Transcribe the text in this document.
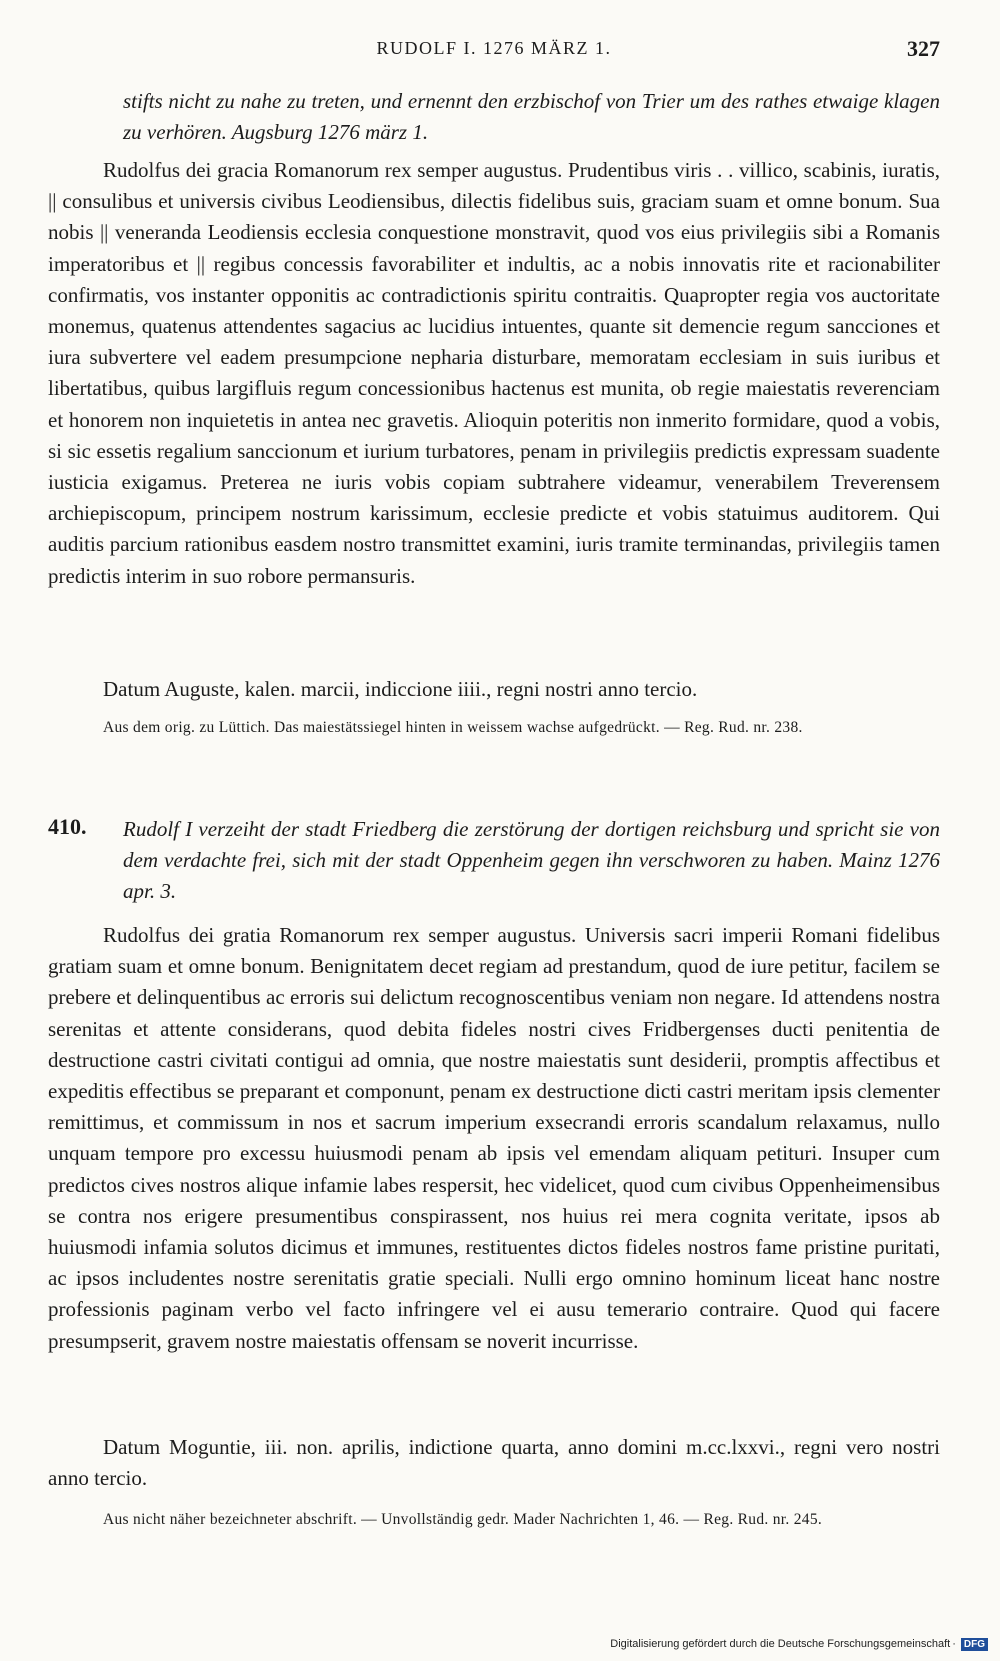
RUDOLF I. 1276 MÄRZ 1.	327

stifts nicht zu nahe zu treten, und ernennt den erzbischof von Trier um des rathes etwaige klagen zu verhören. Augsburg 1276 märz 1.

Rudolfus dei gracia Romanorum rex semper augustus. Prudentibus viris . . villico, scabinis, iuratis, || consulibus et universis civibus Leodiensibus, dilectis fidelibus suis, graciam suam et omne bonum. Sua nobis || veneranda Leodiensis ecclesia conquestione monstravit, quod vos eius privilegiis sibi a Romanis imperatoribus et || regibus concessis favorabiliter et indultis, ac a nobis innovatis rite et racionabiliter confirmatis, vos instanter opponitis ac contradictionis spiritu contraitis. Quapropter regia vos auctoritate monemus, quatenus attendentes sagacius ac lucidius intuentes, quante sit demencie regum sancciones et iura subvertere vel eadem presumpcione nepharia disturbare, memoratam ecclesiam in suis iuribus et libertatibus, quibus largifluis regum concessionibus hactenus est munita, ob regie maiestatis reverenciam et honorem non inquietetis in antea nec gravetis. Alioquin poteritis non inmerito formidare, quod a vobis, si sic essetis regalium sanccionum et iurium turbatores, penam in privilegiis predictis expressam suadente iusticia exigamus. Preterea ne iuris vobis copiam subtrahere videamur, venerabilem Treverensem archiepiscopum, principem nostrum karissimum, ecclesie predicte et vobis statuimus auditorem. Qui auditis parcium rationibus easdem nostro transmittet examini, iuris tramite terminandas, privilegiis tamen predictis interim in suo robore permansuris.

Datum Auguste, kalen. marcii, indiccione iiii., regni nostri anno tercio.

Aus dem orig. zu Lüttich. Das maiestätssiegel hinten in weissem wachse aufgedrückt. — Reg. Rud. nr. 238.

410. Rudolf I verzeiht der stadt Friedberg die zerstörung der dortigen reichsburg und spricht sie von dem verdachte frei, sich mit der stadt Oppenheim gegen ihn verschworen zu haben. Mainz 1276 apr. 3.

Rudolfus dei gratia Romanorum rex semper augustus. Universis sacri imperii Romani fidelibus gratiam suam et omne bonum. Benignitatem decet regiam ad prestandum, quod de iure petitur, facilem se prebere et delinquentibus ac erroris sui delictum recognoscentibus veniam non negare. Id attendens nostra serenitas et attente considerans, quod debita fideles nostri cives Fridbergenses ducti penitentia de destructione castri civitati contigui ad omnia, que nostre maiestatis sunt desiderii, promptis affectibus et expeditis effectibus se preparant et componunt, penam ex destructione dicti castri meritam ipsis clementer remittimus, et commissum in nos et sacrum imperium exsecrandi erroris scandalum relaxamus, nullo unquam tempore pro excessu huiusmodi penam ab ipsis vel emendam aliquam petituri. Insuper cum predictos cives nostros alique infamie labes respersit, hec videlicet, quod cum civibus Oppenheimensibus se contra nos erigere presumentibus conspirassent, nos huius rei mera cognita veritate, ipsos ab huiusmodi infamia solutos dicimus et immunes, restituentes dictos fideles nostros fame pristine puritati, ac ipsos includentes nostre serenitatis gratie speciali. Nulli ergo omnino hominum liceat hanc nostre professionis paginam verbo vel facto infringere vel ei ausu temerario contraire. Quod qui facere presumpserit, gravem nostre maiestatis offensam se noverit incurrisse.

Datum Moguntie, iii. non. aprilis, indictione quarta, anno domini m.cc.lxxvi., regni vero nostri anno tercio.

Aus nicht näher bezeichneter abschrift. — Unvollständig gedr. Mader Nachrichten 1, 46. — Reg. Rud. nr. 245.

Digitalisierung gefördert durch die Deutsche Forschungsgemeinschaft · DFG
